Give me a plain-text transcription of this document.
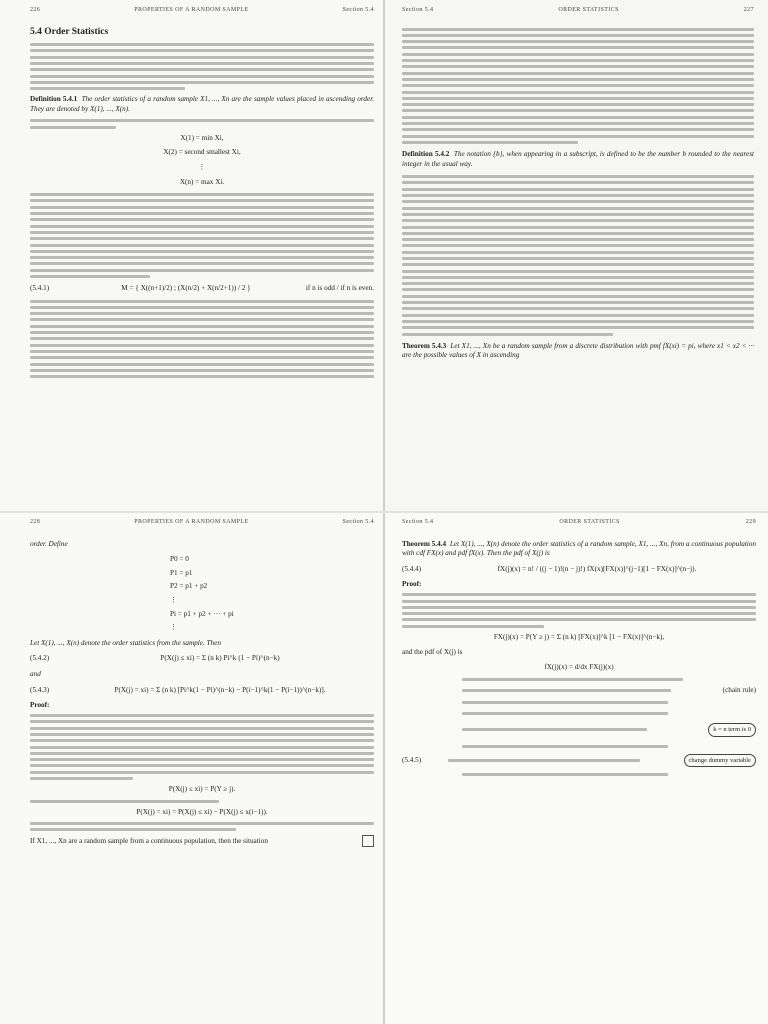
226	PROPERTIES OF A RANDOM SAMPLE	Section 5.4
5.4 Order Statistics
Definition 5.4.1 The order statistics of a random sample X1, ..., Xn are the sample values placed in ascending order. They are denoted by X(1), ..., X(n).
X(1) = min Xi,
X(2) = second smallest Xi,
⋮
X(n) = max Xi.
(5.4.1)	M = { X((n+1)/2) ; (X(n/2) + X(n/2+1)) / 2 }	if n is odd / if n is even.
Section 5.4	ORDER STATISTICS	227
Definition 5.4.2 The notation {b}, when appearing in a subscript, is defined to be the number b rounded to the nearest integer in the usual way.
Theorem 5.4.3 Let X1, ..., Xn be a random sample from a discrete distribution with pmf fX(xi) = pi, where x1 < x2 < ··· are the possible values of X in ascending
228	PROPERTIES OF A RANDOM SAMPLE	Section 5.4
order. Define
P0 = 0
P1 = p1
P2 = p1 + p2
⋮
Pi = p1 + p2 + ··· + pi
⋮
Let X(1), ..., X(n) denote the order statistics from the sample. Then
(5.4.2)	P(X(j) ≤ xi) = Σ (n k) Pi^k (1 − Pi)^(n−k)
and
(5.4.3)	P(X(j) = xi) = Σ (n k) [Pi^k(1 − Pi)^(n−k) − P(i−1)^k(1 − P(i−1))^(n−k)].
Proof:
P(X(j) ≤ xi) = P(Y ≥ j).
P(X(j) = xi) = P(X(j) ≤ xi) − P(X(j) ≤ x(i−1)).
If X1, ..., Xn are a random sample from a continuous population, then the situation
Section 5.4	ORDER STATISTICS	229
Theorem 5.4.4 Let X(1), ..., X(n) denote the order statistics of a random sample, X1, ..., Xn, from a continuous population with cdf FX(x) and pdf fX(x). Then the pdf of X(j) is
(5.4.4)	fX(j)(x) = n! / ((j − 1)!(n − j)!) fX(x)[FX(x)]^(j−1)[1 − FX(x)]^(n−j).
Proof:
FX(j)(x) = P(Y ≥ j) = Σ (n k) [FX(x)]^k [1 − FX(x)]^(n−k),
and the pdf of X(j) is
fX(j)(x) = d/dx FX(j)(x)
(chain rule)
k = n term is 0
(5.4.5)	change dummy variable
